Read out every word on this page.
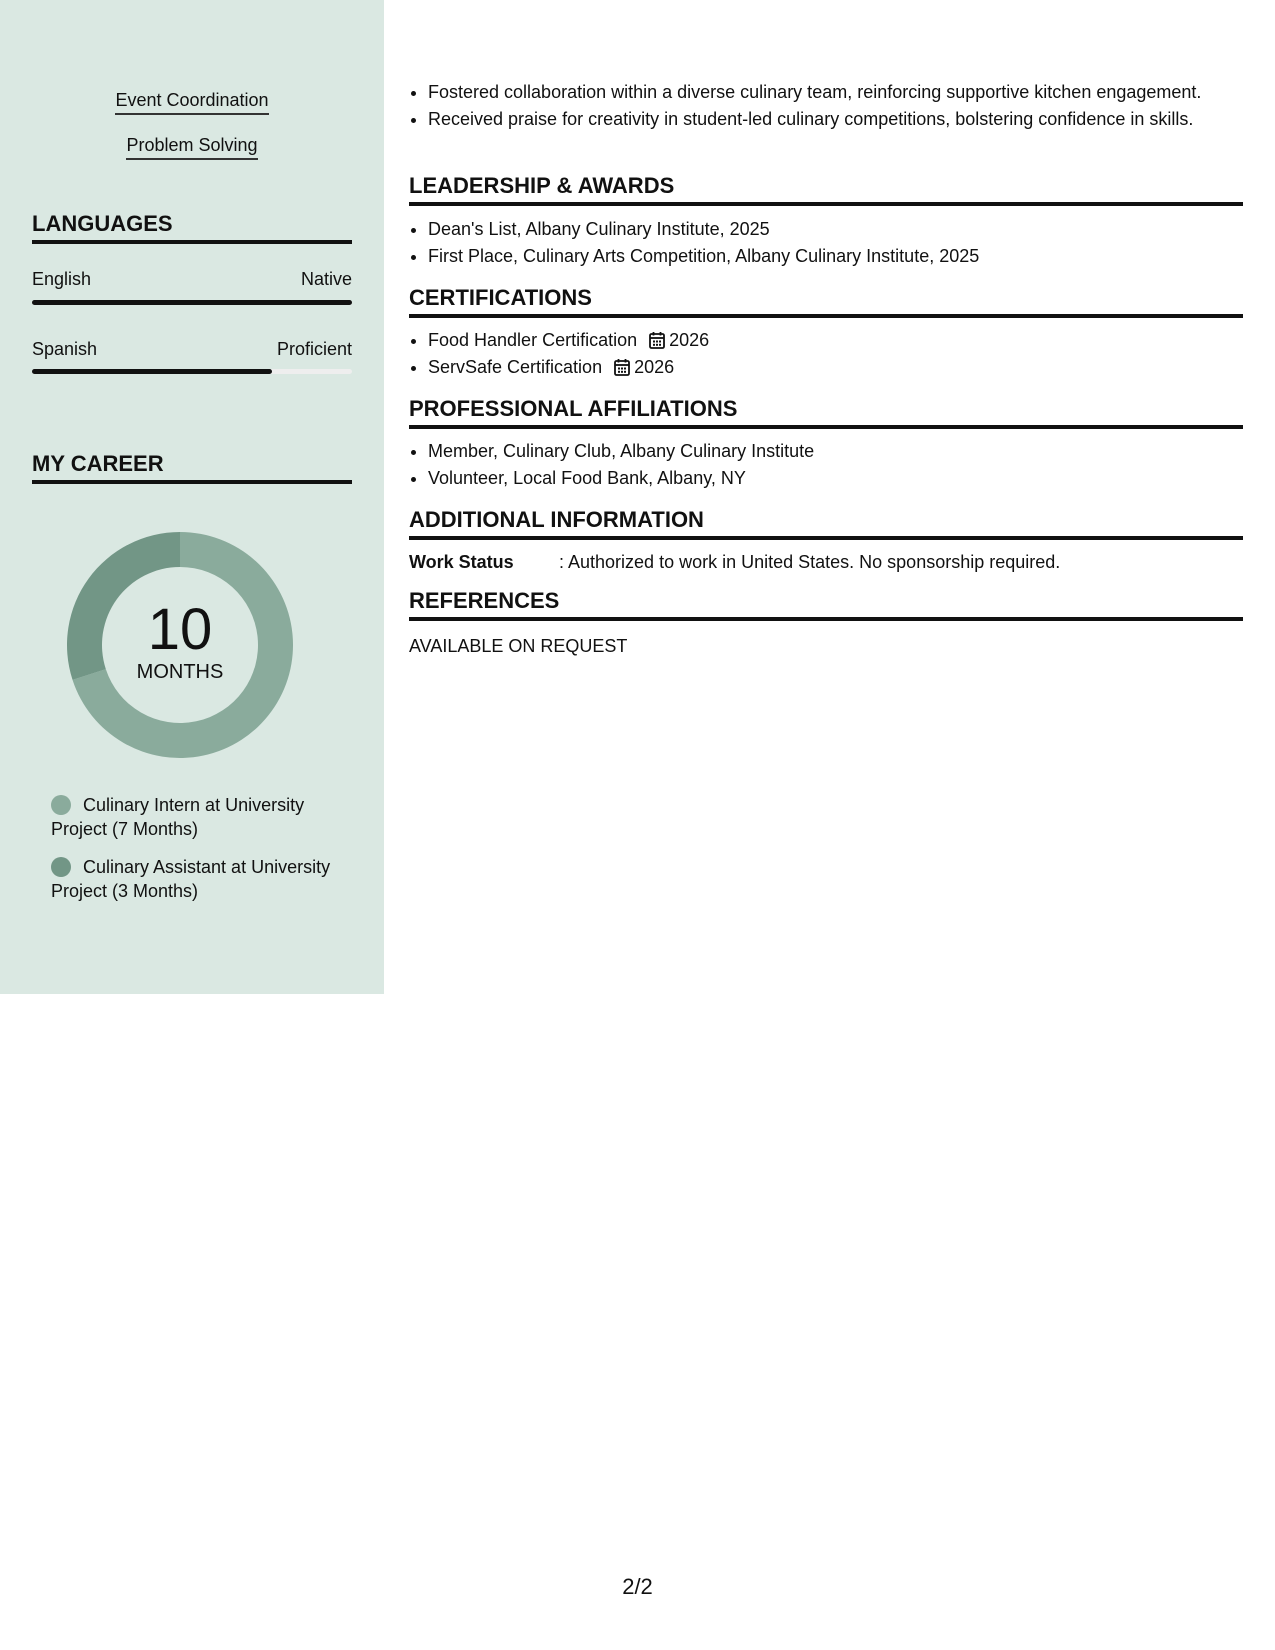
Event Coordination
Problem Solving
LANGUAGES
English	Native
Spanish	Proficient
MY CAREER
10
MONTHS
Culinary Intern at University Project (7 Months)
Culinary Assistant at University Project (3 Months)
• Fostered collaboration within a diverse culinary team, reinforcing supportive kitchen engagement.
• Received praise for creativity in student-led culinary competitions, bolstering confidence in skills.
LEADERSHIP & AWARDS
• Dean's List, Albany Culinary Institute, 2025
• First Place, Culinary Arts Competition, Albany Culinary Institute, 2025
CERTIFICATIONS
• Food Handler Certification 2026
• ServSafe Certification 2026
PROFESSIONAL AFFILIATIONS
• Member, Culinary Club, Albany Culinary Institute
• Volunteer, Local Food Bank, Albany, NY
ADDITIONAL INFORMATION
Work Status	: Authorized to work in United States. No sponsorship required.
REFERENCES
AVAILABLE ON REQUEST
2/2
